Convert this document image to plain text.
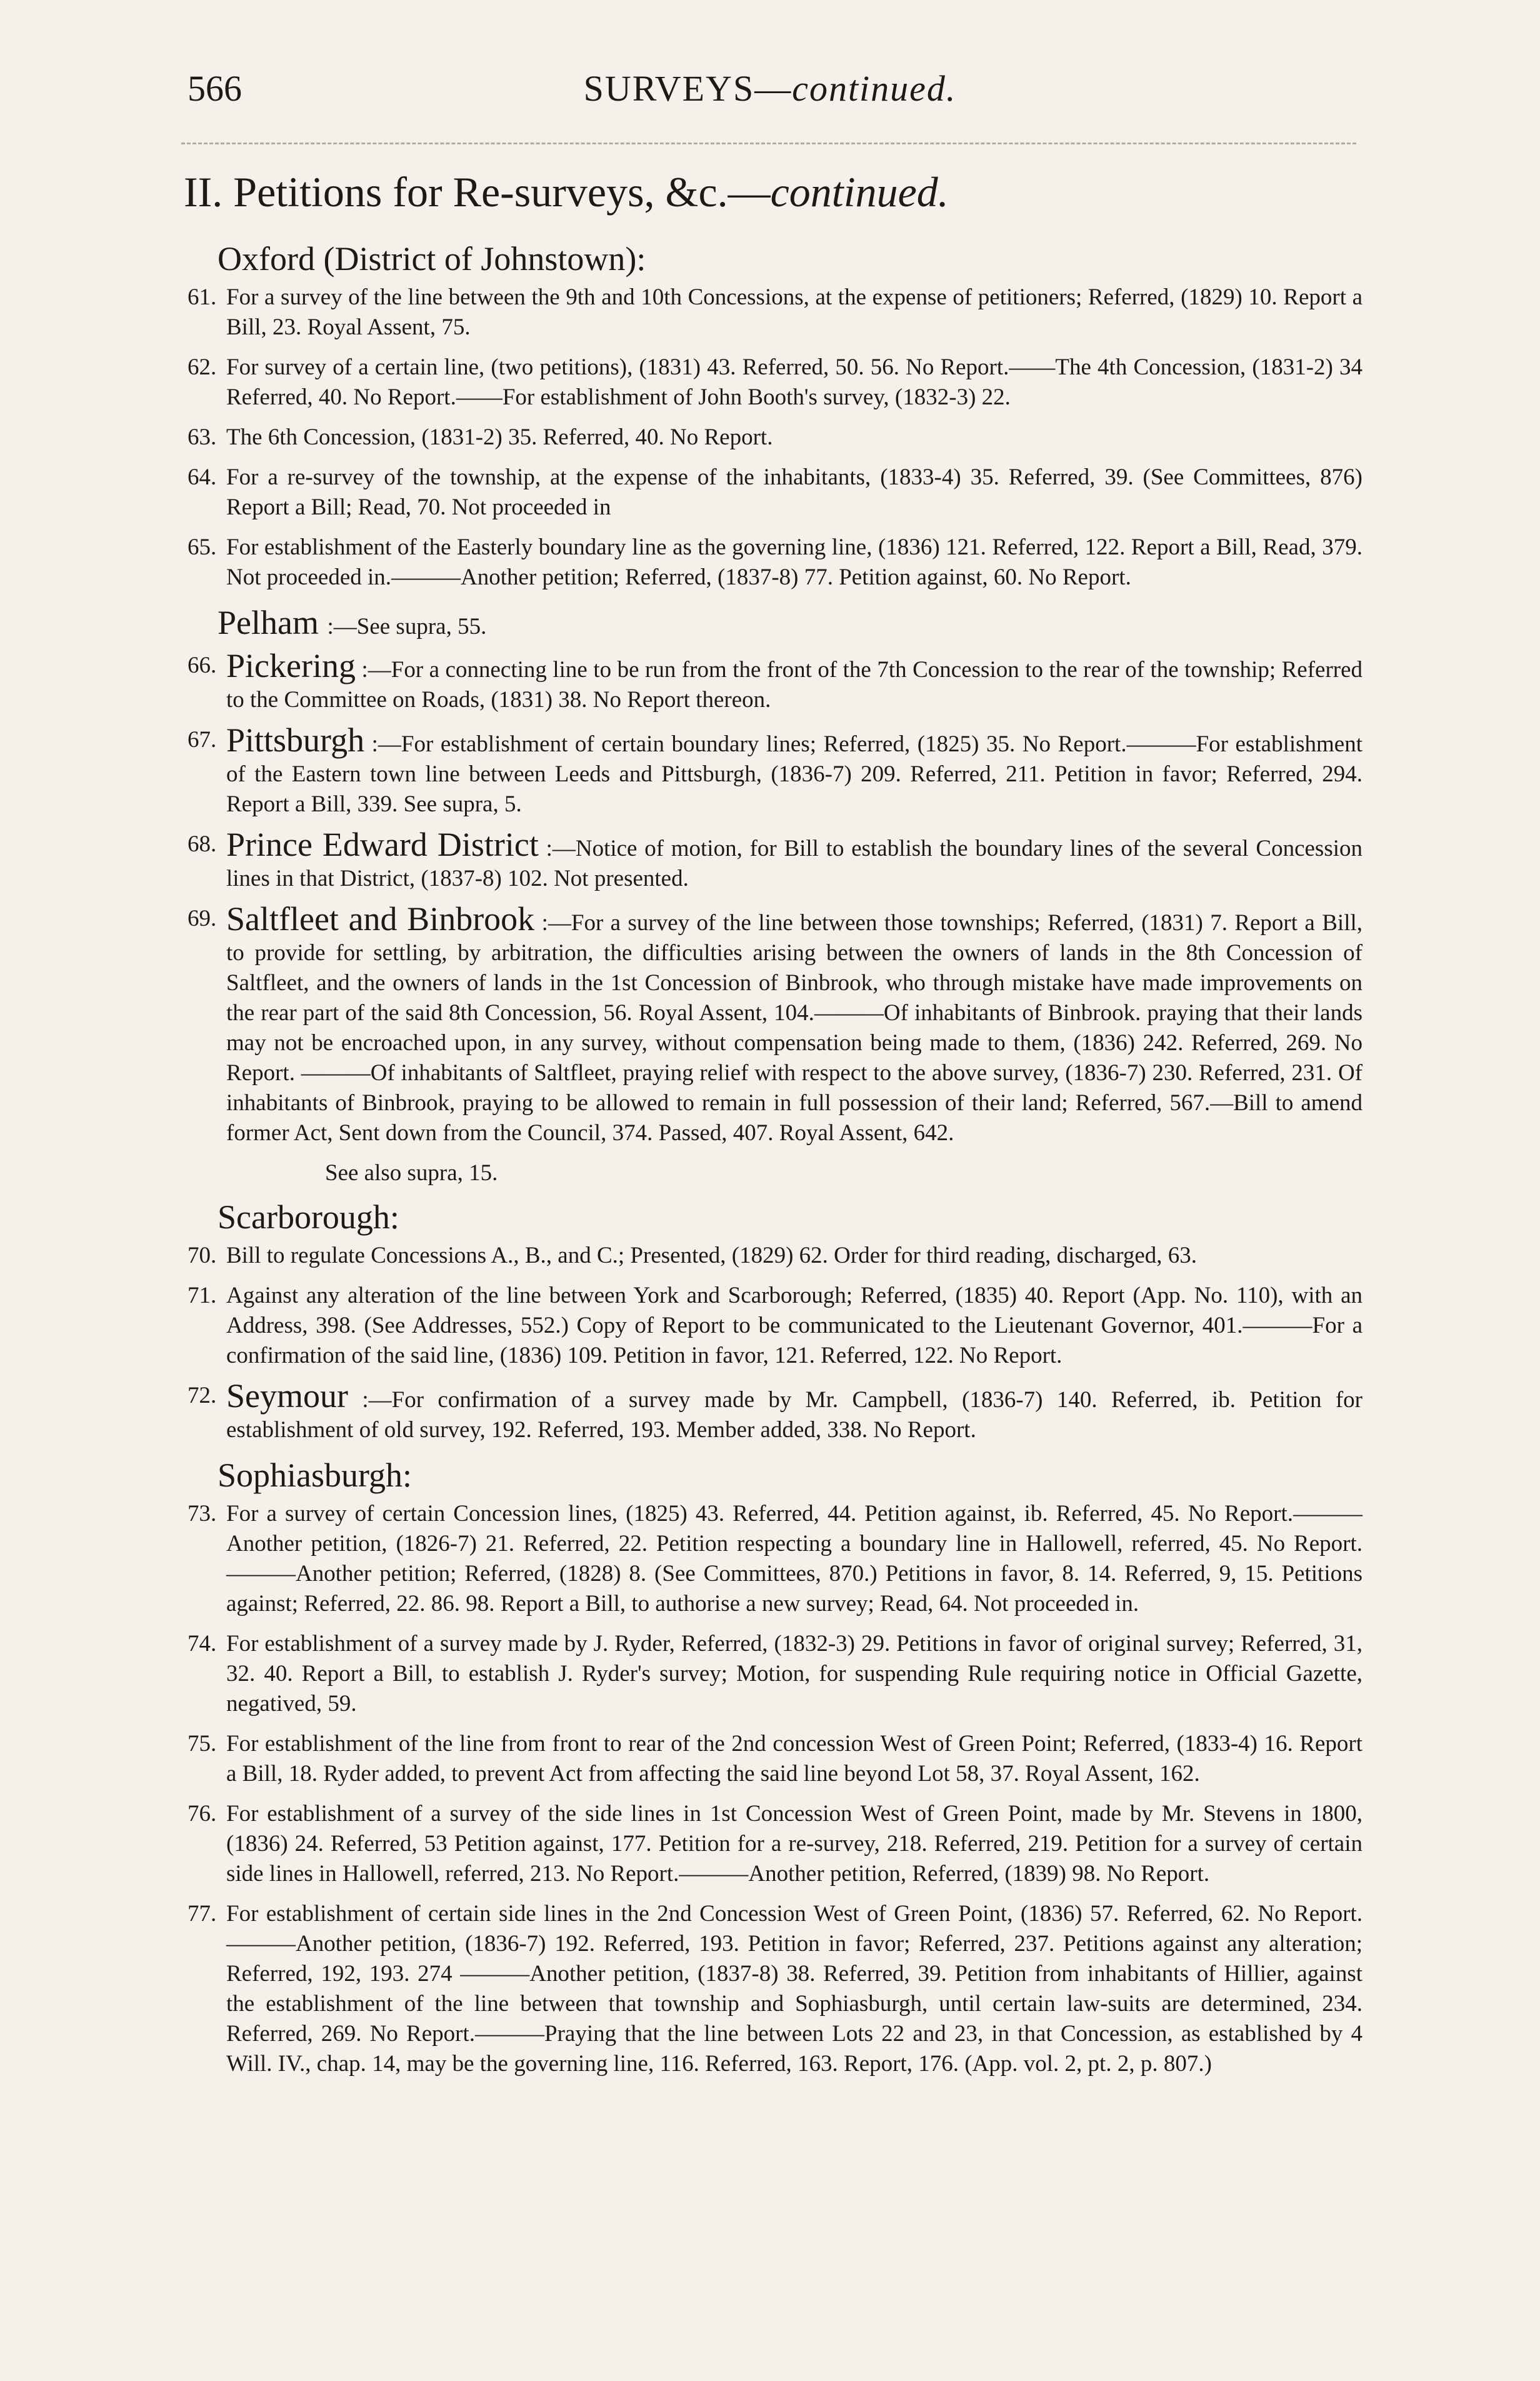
566	SURVEYS—continued.
II. Petitions for Re-surveys, &c.—continued.
Oxford (District of Johnstown):
61. For a survey of the line between the 9th and 10th Concessions, at the expense of petitioners; Referred, (1829) 10. Report a Bill, 23. Royal Assent, 75.
62. For survey of a certain line, (two petitions), (1831) 43. Referred, 50. 56. No Report.——The 4th Concession, (1831-2) 34 Referred, 40. No Report.——For establishment of John Booth's survey, (1832-3) 22.
63. The 6th Concession, (1831-2) 35. Referred, 40. No Report.
64. For a re-survey of the township, at the expense of the inhabitants, (1833-4) 35. Referred, 39. (See Committees, 876) Report a Bill; Read, 70. Not proceeded in
65. For establishment of the Easterly boundary line as the governing line, (1836) 121. Referred, 122. Report a Bill, Read, 379. Not proceeded in.———Another petition; Referred, (1837-8) 77. Petition against, 60. No Report.
Pelham :—See supra, 55.
66. Pickering :—For a connecting line to be run from the front of the 7th Concession to the rear of the township; Referred to the Committee on Roads, (1831) 38. No Report thereon.
67. Pittsburgh :—For establishment of certain boundary lines; Referred, (1825) 35. No Report.———For establishment of the Eastern town line between Leeds and Pittsburgh, (1836-7) 209. Referred, 211. Petition in favor; Referred, 294. Report a Bill, 339. See supra, 5.
68. Prince Edward District :—Notice of motion, for Bill to establish the boundary lines of the several Concession lines in that District, (1837-8) 102. Not presented.
69. Saltfleet and Binbrook :—For a survey of the line between those townships; Referred, (1831) 7. Report a Bill, to provide for settling, by arbitration, the difficulties arising between the owners of lands in the 8th Concession of Saltfleet, and the owners of lands in the 1st Concession of Binbrook, who through mistake have made improvements on the rear part of the said 8th Concession, 56. Royal Assent, 104.———Of inhabitants of Binbrook. praying that their lands may not be encroached upon, in any survey, without compensation being made to them, (1836) 242. Referred, 269. No Report. ———Of inhabitants of Saltfleet, praying relief with respect to the above survey, (1836-7) 230. Referred, 231. Of inhabitants of Binbrook, praying to be allowed to remain in full possession of their land; Referred, 567.—Bill to amend former Act, Sent down from the Council, 374. Passed, 407. Royal Assent, 642.
See also supra, 15.
Scarborough:
70. Bill to regulate Concessions A., B., and C.; Presented, (1829) 62. Order for third reading, discharged, 63.
71. Against any alteration of the line between York and Scarborough; Referred, (1835) 40. Report (App. No. 110), with an Address, 398. (See Addresses, 552.) Copy of Report to be communicated to the Lieutenant Governor, 401.———For a confirmation of the said line, (1836) 109. Petition in favor, 121. Referred, 122. No Report.
72. Seymour :—For confirmation of a survey made by Mr. Campbell, (1836-7) 140. Referred, ib. Petition for establishment of old survey, 192. Referred, 193. Member added, 338. No Report.
Sophiasburgh:
73. For a survey of certain Concession lines, (1825) 43. Referred, 44. Petition against, ib. Referred, 45. No Report.———Another petition, (1826-7) 21. Referred, 22. Petition respecting a boundary line in Hallowell, referred, 45. No Report.———Another petition; Referred, (1828) 8. (See Committees, 870.) Petitions in favor, 8. 14. Referred, 9, 15. Petitions against; Referred, 22. 86. 98. Report a Bill, to authorise a new survey; Read, 64. Not proceeded in.
74. For establishment of a survey made by J. Ryder, Referred, (1832-3) 29. Petitions in favor of original survey; Referred, 31, 32. 40. Report a Bill, to establish J. Ryder's survey; Motion, for suspending Rule requiring notice in Official Gazette, negatived, 59.
75. For establishment of the line from front to rear of the 2nd concession West of Green Point; Referred, (1833-4) 16. Report a Bill, 18. Ryder added, to prevent Act from affecting the said line beyond Lot 58, 37. Royal Assent, 162.
76. For establishment of a survey of the side lines in 1st Concession West of Green Point, made by Mr. Stevens in 1800, (1836) 24. Referred, 53 Petition against, 177. Petition for a re-survey, 218. Referred, 219. Petition for a survey of certain side lines in Hallowell, referred, 213. No Report.———Another petition, Referred, (1839) 98. No Report.
77. For establishment of certain side lines in the 2nd Concession West of Green Point, (1836) 57. Referred, 62. No Report.———Another petition, (1836-7) 192. Referred, 193. Petition in favor; Referred, 237. Petitions against any alteration; Referred, 192, 193. 274 ———Another petition, (1837-8) 38. Referred, 39. Petition from inhabitants of Hillier, against the establishment of the line between that township and Sophiasburgh, until certain law-suits are determined, 234. Referred, 269. No Report.———Praying that the line between Lots 22 and 23, in that Concession, as established by 4 Will. IV., chap. 14, may be the governing line, 116. Referred, 163. Report, 176. (App. vol. 2, pt. 2, p. 807.)
